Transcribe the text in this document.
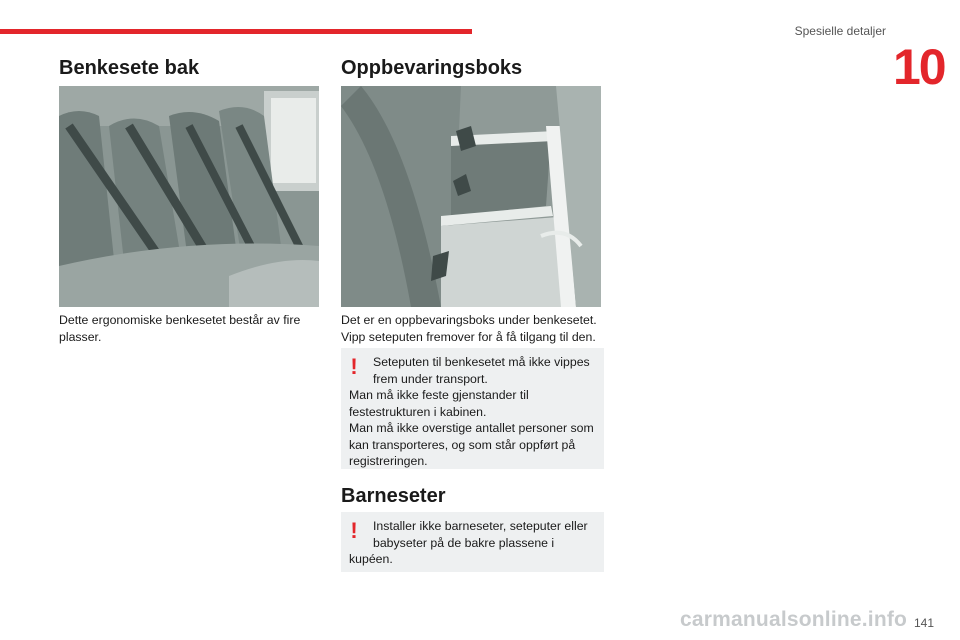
Spesielle detaljer
10
Benkesete bak

Dette ergonomiske benkesetet består av fire plasser.

Oppbevaringsboks

Det er en oppbevaringsboks under benkesetet.
Vipp seteputen fremover for å få tilgang til den.

!	Seteputen til benkesetet må ikke vippes
frem under transport.
Man må ikke feste gjenstander til
festestrukturen i kabinen.
Man må ikke overstige antallet personer som
kan transporteres, og som står oppført på
registreringen.
Barneseter
!	Installer ikke barneseter, seteputer eller
babyseter på de bakre plassene i
kupéen.
carmanualsonline.info 141
